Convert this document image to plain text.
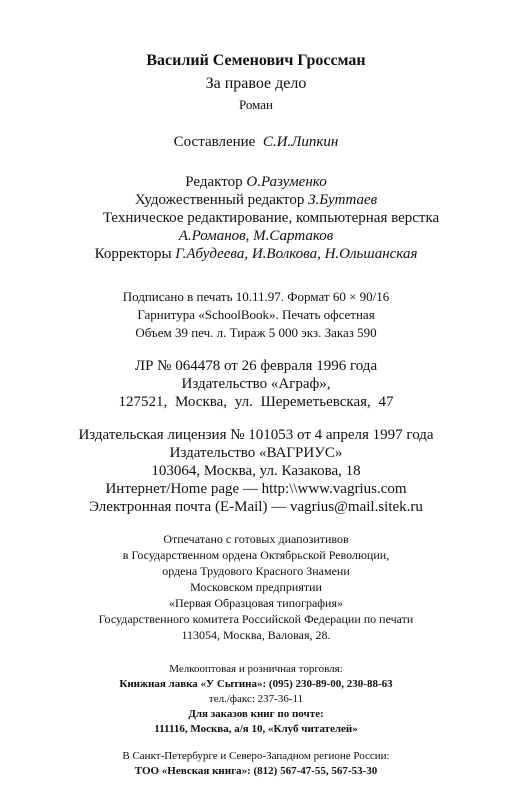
Василий Семенович Гроссман
За правое дело
Роман
Составление С.И.Липкин
Редактор О.Разуменко
Художественный редактор З.Буттаев
Техническое редактирование, компьютерная верстка
А.Романов, М.Сартаков
Корректоры Г.Абудеева, И.Волкова, Н.Ольшанская
Подписано в печать 10.11.97. Формат 60 × 90/16
Гарнитура «SchoolBook». Печать офсетная
Объем 39 печ. л. Тираж 5 000 экз. Заказ 590
ЛР № 064478 от 26 февраля 1996 года
Издательство «Аграф»,
127521, Москва, ул. Шереметьевская, 47
Издательская лицензия № 101053 от 4 апреля 1997 года
Издательство «ВАГРИУС»
103064, Москва, ул. Казакова, 18
Интернет/Home page — http:\\www.vagrius.com
Электронная почта (E-Mail) — vagrius@mail.sitek.ru
Отпечатано с готовых диапозитивов
в Государственном ордена Октябрьской Революции,
ордена Трудового Красного Знамени
Московском предприятии
«Первая Образцовая типография»
Государственного комитета Российской Федерации по печати
113054, Москва, Валовая, 28.
Мелкооптовая и розничная торговля:
Книжная лавка «У Сытина»: (095) 230-89-00, 230-88-63
тел./факс: 237-36-11
Для заказов книг по почте:
111116, Москва, а/я 10, «Клуб читателей»
В Санкт-Петербурге и Северо-Западном регионе России:
ТОО «Невская книга»: (812) 567-47-55, 567-53-30
